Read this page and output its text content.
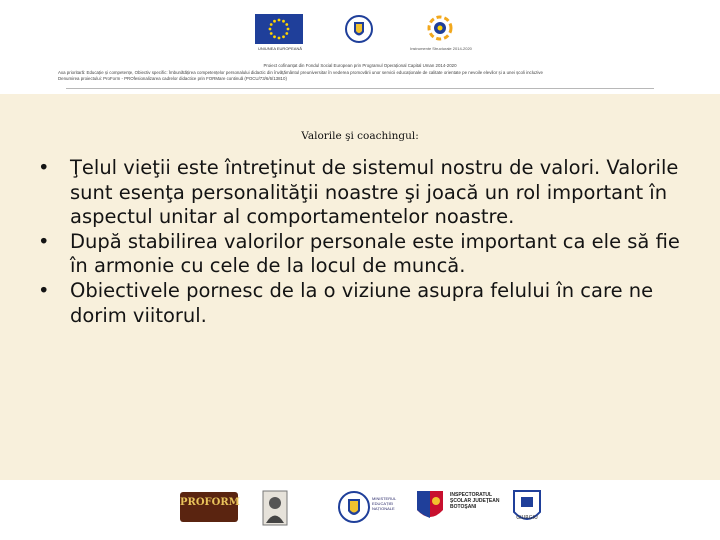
UNIUNEA EUROPEANĂ	Instrumente Structurale 2014-2020
Proiect cofinanțat din Fondul Social European prin Programul Operațional Capital Uman 2014-2020
Axa prioritară: Educație și competențe, Obiectiv specific: Îmbunătățirea competențelor personalului didactic din învățământul preuniversitar în vederea promovării unor servicii educaționale de calitate orientate pe nevoile elevilor și a unei școli incluzive
Denumirea proiectului: ProForm - PROfesionalizarea cadrelor didactice prin FORMare continuă (POCU/73/6/6/13810)
Valorile şi coachingul:
• Ţelul vieţii este întreţinut de sistemul nostru de valori. Valorile sunt esenţa personalităţii noastre şi joacă un rol important în aspectul unitar al comportamentelor noastre.
• După stabilirea valorilor personale este important ca ele să fie în armonie cu cele de la locul de muncă.
• Obiectivele pornesc de la o viziune asupra felului în care ne dorim viitorul.
PROFORM	MINISTERUL EDUCAȚIEI NAȚIONALE
INSPECTORATUL ŞCOLAR JUDEŢEAN BOTOŞANI
GIURGIU
